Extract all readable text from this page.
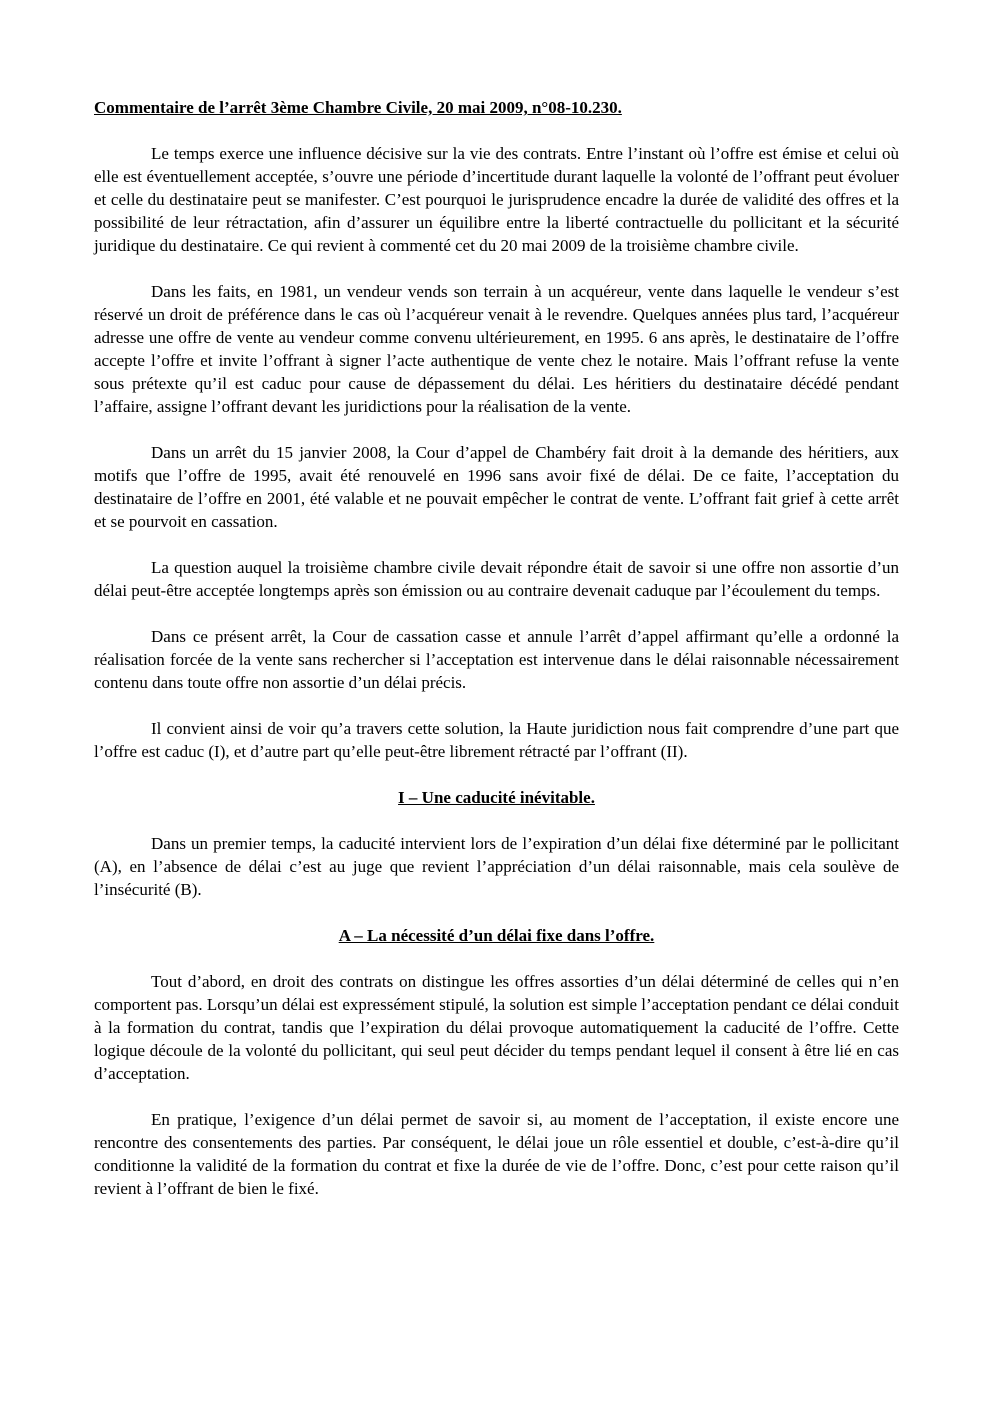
Commentaire de l’arrêt 3ème Chambre Civile, 20 mai 2009, n°08-10.230.

Le temps exerce une influence décisive sur la vie des contrats. Entre l’instant où l’offre est émise et celui où elle est éventuellement acceptée, s’ouvre une période d’incertitude durant laquelle la volonté de l’offrant peut évoluer et celle du destinataire peut se manifester. C’est pourquoi le jurisprudence encadre la durée de validité des offres et la possibilité de leur rétractation, afin d’assurer un équilibre entre la liberté contractuelle du pollicitant et la sécurité juridique du destinataire. Ce qui revient à commenté cet du 20 mai 2009 de la troisième chambre civile.

Dans les faits, en 1981, un vendeur vends son terrain à un acquéreur, vente dans laquelle le vendeur s’est réservé un droit de préférence dans le cas où l’acquéreur venait à le revendre. Quelques années plus tard, l’acquéreur adresse une offre de vente au vendeur comme convenu ultérieurement, en 1995. 6 ans après, le destinataire de l’offre accepte l’offre et invite l’offrant à signer l’acte authentique de vente chez le notaire. Mais l’offrant refuse la vente sous prétexte qu’il est caduc pour cause de dépassement du délai. Les héritiers du destinataire décédé pendant l’affaire, assigne l’offrant devant les juridictions pour la réalisation de la vente.

Dans un arrêt du 15 janvier 2008, la Cour d’appel de Chambéry fait droit à la demande des héritiers, aux motifs que l’offre de 1995, avait été renouvelé en 1996 sans avoir fixé de délai. De ce faite, l’acceptation du destinataire de l’offre en 2001, été valable et ne pouvait empêcher le contrat de vente. L’offrant fait grief à cette arrêt et se pourvoit en cassation.

La question auquel la troisième chambre civile devait répondre était de savoir si une offre non assortie d’un délai peut-être acceptée longtemps après son émission ou au contraire devenait caduque par l’écoulement du temps.

Dans ce présent arrêt, la Cour de cassation casse et annule l’arrêt d’appel affirmant qu’elle a ordonné la réalisation forcée de la vente sans rechercher si l’acceptation est intervenue dans le délai raisonnable nécessairement contenu dans toute offre non assortie d’un délai précis.

Il convient ainsi de voir qu’a travers cette solution, la Haute juridiction nous fait comprendre d’une part que l’offre est caduc (I), et d’autre part qu’elle peut-être librement rétracté par l’offrant (II).

I – Une caducité inévitable.

Dans un premier temps, la caducité intervient lors de l’expiration d’un délai fixe déterminé par le pollicitant (A), en l’absence de délai c’est au juge que revient l’appréciation d’un délai raisonnable, mais cela soulève de l’insécurité (B).

A – La nécessité d’un délai fixe dans l’offre.

Tout d’abord, en droit des contrats on distingue les offres assorties d’un délai déterminé de celles qui n’en comportent pas. Lorsqu’un délai est expressément stipulé, la solution est simple l’acceptation pendant ce délai conduit à la formation du contrat, tandis que l’expiration du délai provoque automatiquement la caducité de l’offre. Cette logique découle de la volonté du pollicitant, qui seul peut décider du temps pendant lequel il consent à être lié en cas d’acceptation.

En pratique, l’exigence d’un délai permet de savoir si, au moment de l’acceptation, il existe encore une rencontre des consentements des parties. Par conséquent, le délai joue un rôle essentiel et double, c’est-à-dire qu’il conditionne la validité de la formation du contrat et fixe la durée de vie de l’offre. Donc, c’est pour cette raison qu’il revient à l’offrant de bien le fixé.
